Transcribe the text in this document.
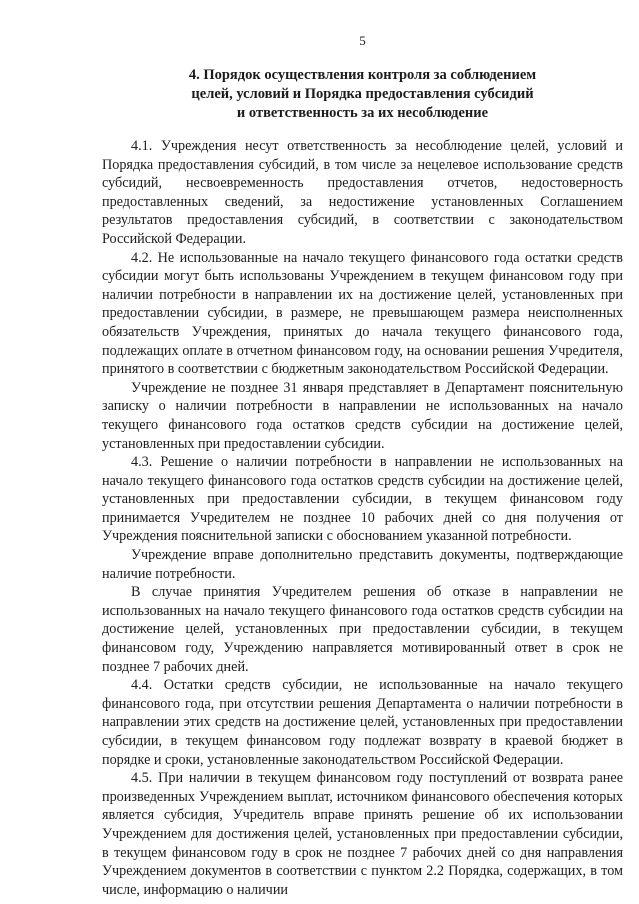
5
4. Порядок осуществления контроля за соблюдением
целей, условий и Порядка предоставления субсидий
и ответственность за их несоблюдение

4.1. Учреждения несут ответственность за несоблюдение целей, условий и Порядка предоставления субсидий, в том числе за нецелевое использование средств субсидий, несвоевременность предоставления отчетов, недостоверность предоставленных сведений, за недостижение установленных Соглашением результатов предоставления субсидий, в соответствии с законодательством Российской Федерации.

4.2. Не использованные на начало текущего финансового года остатки средств субсидии могут быть использованы Учреждением в текущем финансовом году при наличии потребности в направлении их на достижение целей, установленных при предоставлении субсидии, в размере, не превышающем размера неисполненных обязательств Учреждения, принятых до начала текущего финансового года, подлежащих оплате в отчетном финансовом году, на основании решения Учредителя, принятого в соответствии с бюджетным законодательством Российской Федерации.

Учреждение не позднее 31 января представляет в Департамент пояснительную записку о наличии потребности в направлении не использованных на начало текущего финансового года остатков средств субсидии на достижение целей, установленных при предоставлении субсидии.

4.3. Решение о наличии потребности в направлении не использованных на начало текущего финансового года остатков средств субсидии на достижение целей, установленных при предоставлении субсидии, в текущем финансовом году принимается Учредителем не позднее 10 рабочих дней со дня получения от Учреждения пояснительной записки с обоснованием указанной потребности.

Учреждение вправе дополнительно представить документы, подтверждающие наличие потребности.

В случае принятия Учредителем решения об отказе в направлении не использованных на начало текущего финансового года остатков средств субсидии на достижение целей, установленных при предоставлении субсидии, в текущем финансовом году, Учреждению направляется мотивированный ответ в срок не позднее 7 рабочих дней.

4.4. Остатки средств субсидии, не использованные на начало текущего финансового года, при отсутствии решения Департамента о наличии потребности в направлении этих средств на достижение целей, установленных при предоставлении субсидии, в текущем финансовом году подлежат возврату в краевой бюджет в порядке и сроки, установленные законодательством Российской Федерации.

4.5. При наличии в текущем финансовом году поступлений от возврата ранее произведенных Учреждением выплат, источником финансового обеспечения которых является субсидия, Учредитель вправе принять решение об их использовании Учреждением для достижения целей, установленных при предоставлении субсидии, в текущем финансовом году в срок не позднее 7 рабочих дней со дня направления Учреждением документов в соответствии с пунктом 2.2 Порядка, содержащих, в том числе, информацию о наличии
